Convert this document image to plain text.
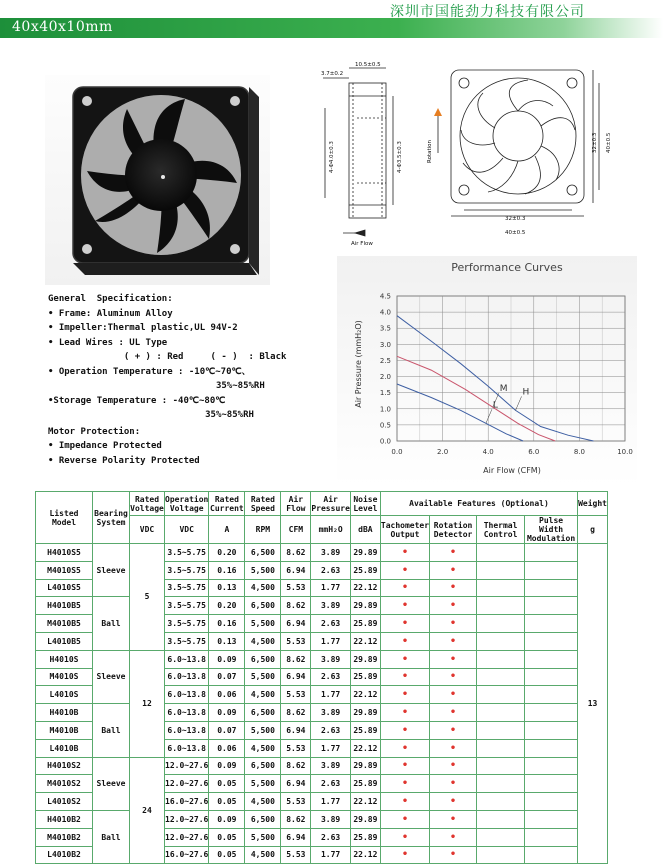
40x40x10mm
深圳市国能劲力科技有限公司
10.5±0.5
3.7±0.2
4-Φ4.0±0.3	4-Φ3.5±0.3
Air Flow
Rotation	32±0.3 40±0.5
32±0.3
40±0.5
General  Specification:
• Frame: Aluminum Alloy
• Impeller:Thermal plastic,UL 94V-2
• Lead Wires : UL Type
( + ) : Red     ( - )  : Black
• Operation Temperature : -10℃~70℃、
35%~85%RH
•Storage Temperature : -40℃~80℃
35%~85%RH
Motor Protection:
• Impedance Protected
• Reverse Polarity Protected
Performance Curves
0.0	2.0	4.0	6.0	8.0	10.0
0.0
0.5
1.0
1.5
2.0
2.5
3.0
3.5
4.0
4.5
H
M
L
Air Flow (CFM)
Air Pressure (mmH₂O)
Listed Model	Bearing System	Rated Voltage	Operation Voltage	Rated Current	Rated Speed	Air Flow	Air Pressure	Noise Level	Available Features (Optional)				Weight
		VDC	VDC	A	RPM	CFM	mmH₂O	dBA	Tachometer Output	Rotation Detector	Thermal Control	Pulse Width Modulation	g
H4010S5	Sleeve	5	3.5~5.75	0.20	6,500	8.62	3.89	29.89	•	•			13
M4010S5			3.5~5.75	0.16	5,500	6.94	2.63	25.89	•	•			
L4010S5			3.5~5.75	0.13	4,500	5.53	1.77	22.12	•	•			
H4010B5	Ball		3.5~5.75	0.20	6,500	8.62	3.89	29.89	•	•			
M4010B5			3.5~5.75	0.16	5,500	6.94	2.63	25.89	•	•			
L4010B5			3.5~5.75	0.13	4,500	5.53	1.77	22.12	•	•			
H4010S	Sleeve	12	6.0~13.8	0.09	6,500	8.62	3.89	29.89	•	•			
M4010S			6.0~13.8	0.07	5,500	6.94	2.63	25.89	•	•			
L4010S			6.0~13.8	0.06	4,500	5.53	1.77	22.12	•	•			
H4010B	Ball		6.0~13.8	0.09	6,500	8.62	3.89	29.89	•	•			
M4010B			6.0~13.8	0.07	5,500	6.94	2.63	25.89	•	•			
L4010B			6.0~13.8	0.06	4,500	5.53	1.77	22.12	•	•			
H4010S2	Sleeve	24	12.0~27.6	0.09	6,500	8.62	3.89	29.89	•	•			
M4010S2			12.0~27.6	0.05	5,500	6.94	2.63	25.89	•	•			
L4010S2			16.0~27.6	0.05	4,500	5.53	1.77	22.12	•	•			
H4010B2	Ball		12.0~27.6	0.09	6,500	8.62	3.89	29.89	•	•			
M4010B2			12.0~27.6	0.05	5,500	6.94	2.63	25.89	•	•			
L4010B2			16.0~27.6	0.05	4,500	5.53	1.77	22.12	•	•			
